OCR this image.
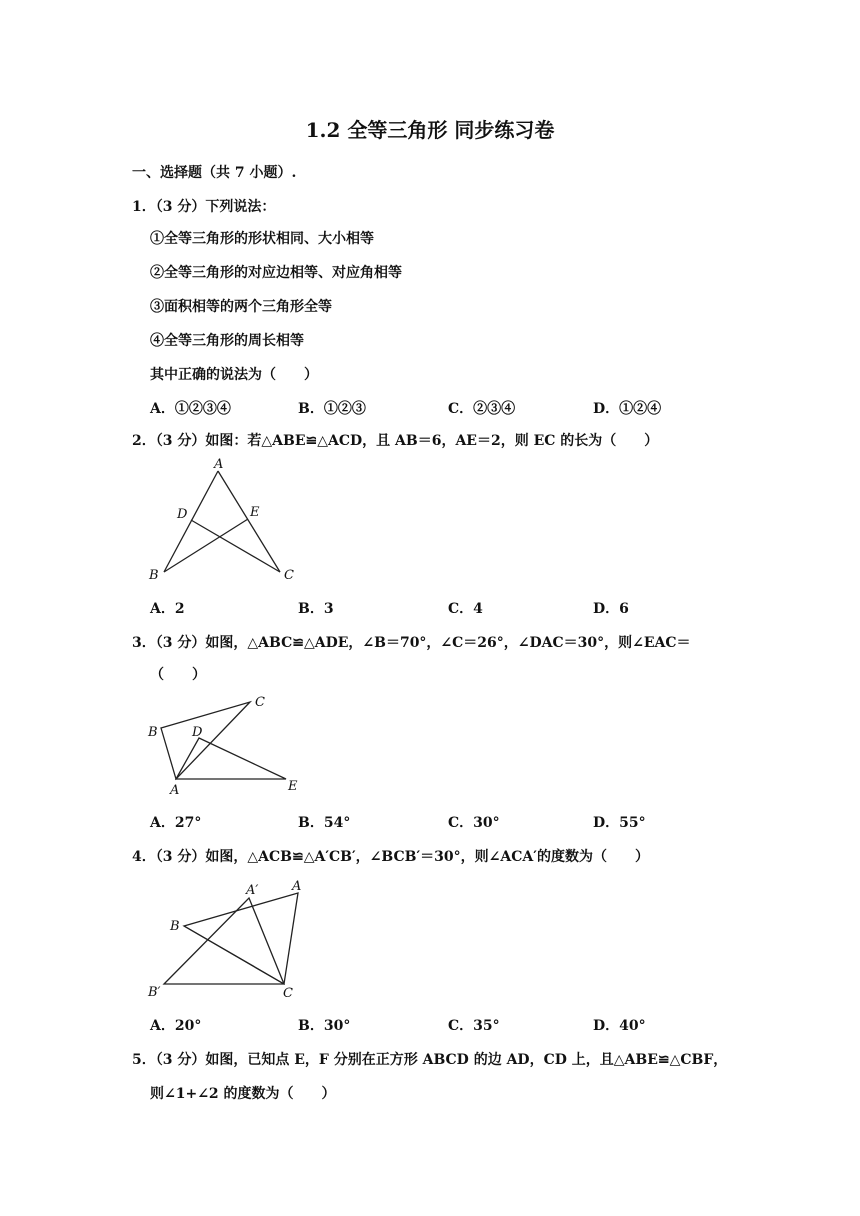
1.2 全等三角形 同步练习卷
一、选择题（共 7 小题）.
1．（3 分）下列说法：
①全等三角形的形状相同、大小相等
②全等三角形的对应边相等、对应角相等
③面积相等的两个三角形全等
④全等三角形的周长相等
其中正确的说法为（　　）
A．①②③④	B．①②③	C．②③④	D．①②④
2．（3 分）如图：若△ABE≌△ACD，且 AB＝6，AE＝2，则 EC 的长为（　　）
A
D	E
B	C
A．2	B．3	C．4	D．6
3．（3 分）如图，△ABC≌△ADE，∠B＝70°，∠C＝26°，∠DAC＝30°，则∠EAC＝
（　　）
C
B	D
A	E
A．27°	B．54°	C．30°	D．55°
4．（3 分）如图，△ACB≌△A′CB′，∠BCB′＝30°，则∠ACA′的度数为（　　）
A′	A
B
B′	C
A．20°	B．30°	C．35°	D．40°
5．（3 分）如图，已知点 E，F 分别在正方形 ABCD 的边 AD，CD 上，且△ABE≌△CBF，
则∠1+∠2 的度数为（　　）
